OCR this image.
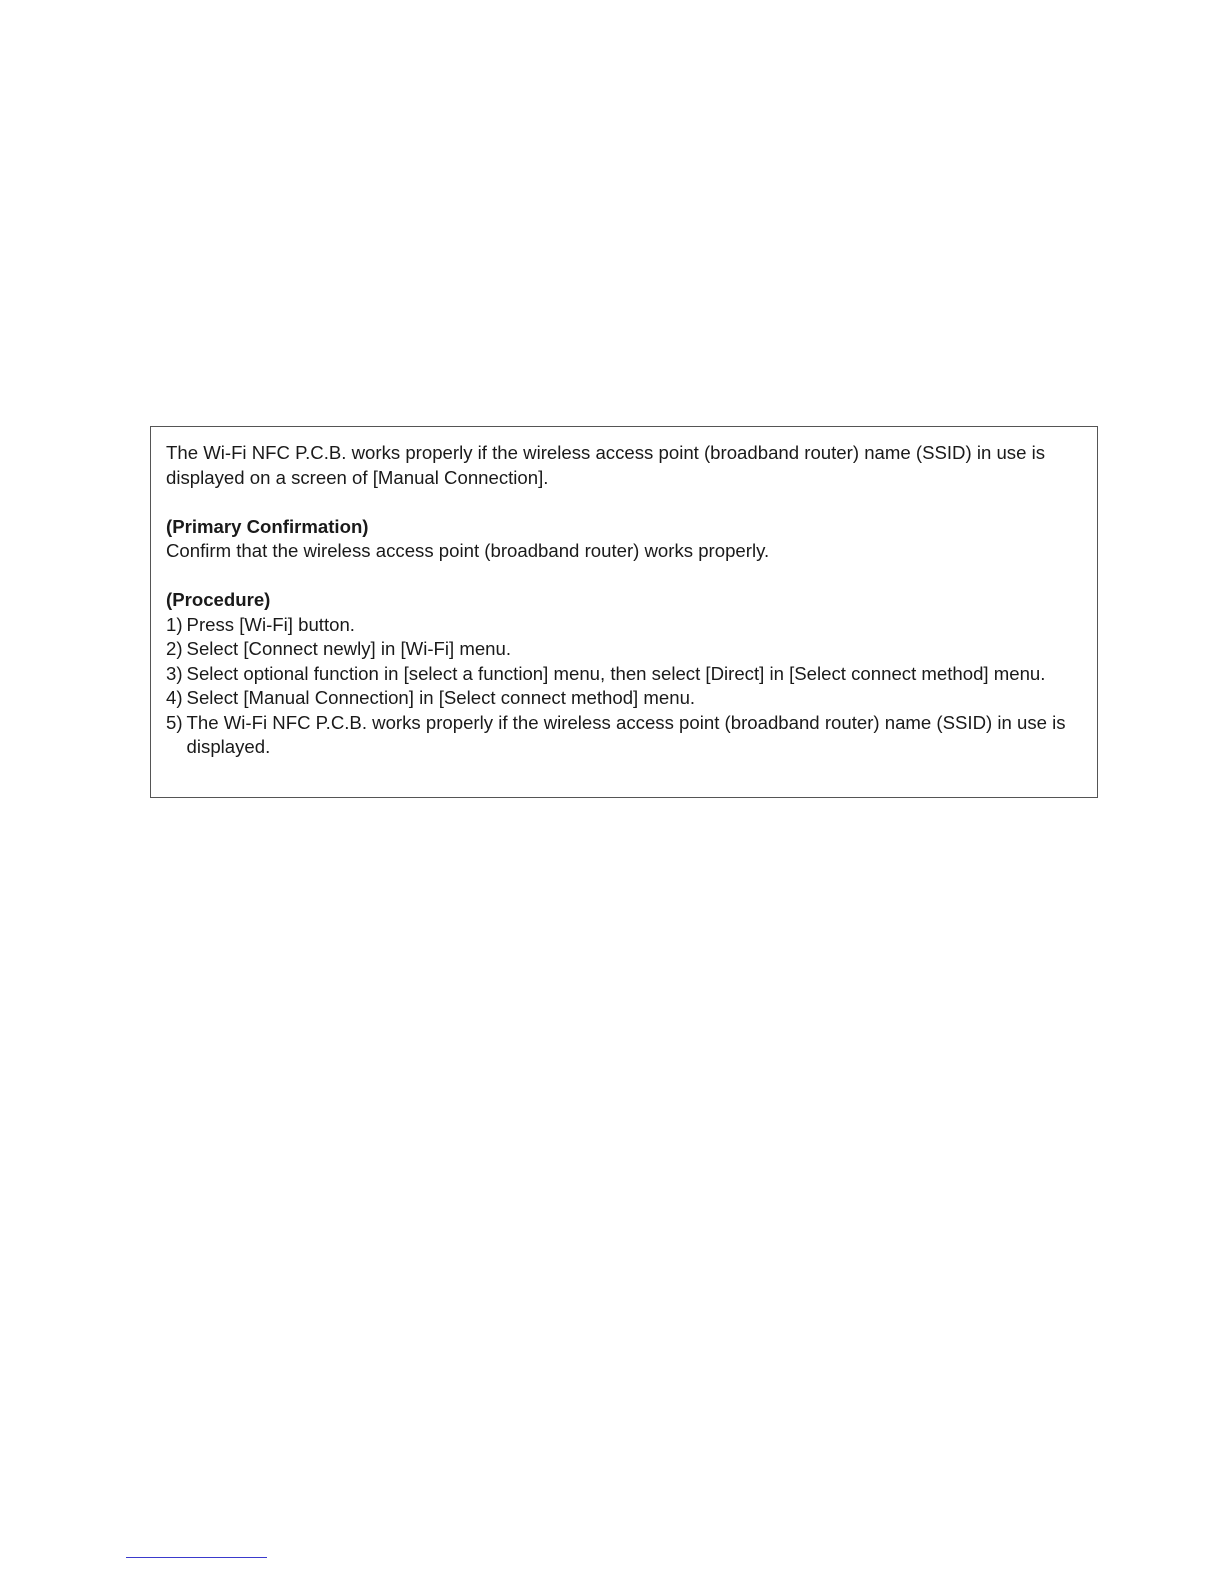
The Wi-Fi NFC P.C.B. works properly if the wireless access point (broadband router) name (SSID) in use is displayed on a screen of [Manual Connection].

(Primary Confirmation)

Confirm that the wireless access point (broadband router) works properly.

(Procedure)

1) Press [Wi-Fi] button.
2) Select [Connect newly] in [Wi-Fi] menu.
3) Select optional function in [select a function] menu, then select [Direct] in [Select connect method] menu.
4) Select [Manual Connection] in [Select connect method] menu.
5) The Wi-Fi NFC P.C.B. works properly if the wireless access point (broadband router) name (SSID) in use is displayed.
